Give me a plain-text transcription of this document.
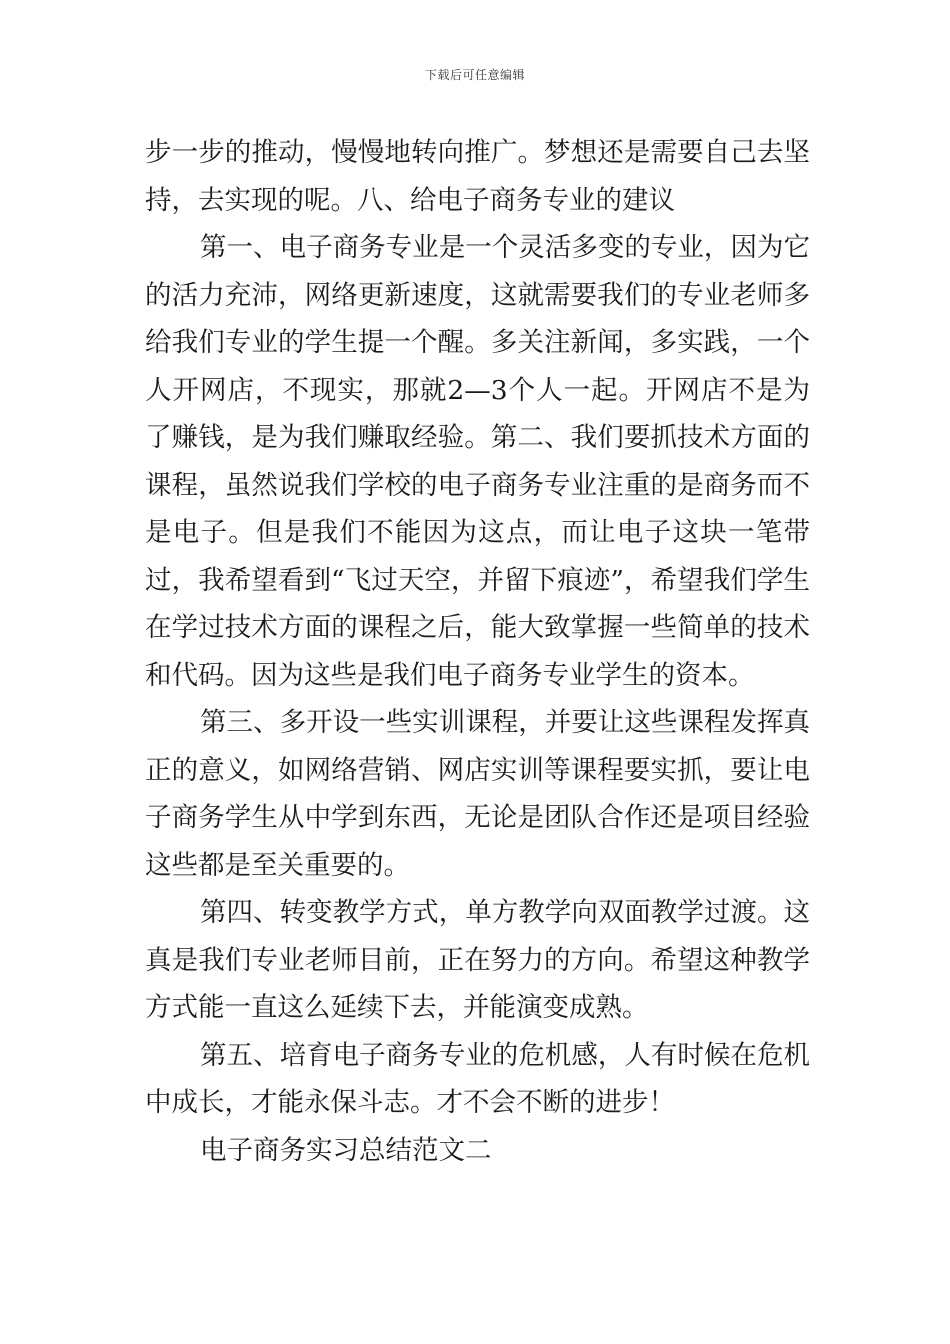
下载后可任意编辑

步一步的推动，慢慢地转向推广。梦想还是需要自己去坚持，去实现的呢。八、给电子商务专业的建议

第一、电子商务专业是一个灵活多变的专业，因为它的活力充沛，网络更新速度，这就需要我们的专业老师多给我们专业的学生提一个醒。多关注新闻，多实践，一个人开网店，不现实，那就2—3个人一起。开网店不是为了赚钱，是为我们赚取经验。第二、我们要抓技术方面的课程，虽然说我们学校的电子商务专业注重的是商务而不是电子。但是我们不能因为这点，而让电子这块一笔带过，我希望看到“飞过天空，并留下痕迹”，希望我们学生在学过技术方面的课程之后，能大致掌握一些简单的技术和代码。因为这些是我们电子商务专业学生的资本。

第三、多开设一些实训课程，并要让这些课程发挥真正的意义，如网络营销、网店实训等课程要实抓，要让电子商务学生从中学到东西，无论是团队合作还是项目经验这些都是至关重要的。

第四、转变教学方式，单方教学向双面教学过渡。这真是我们专业老师目前，正在努力的方向。希望这种教学方式能一直这么延续下去，并能演变成熟。

第五、培育电子商务专业的危机感，人有时候在危机中成长，才能永保斗志。才不会不断的进步！

电子商务实习总结范文二
